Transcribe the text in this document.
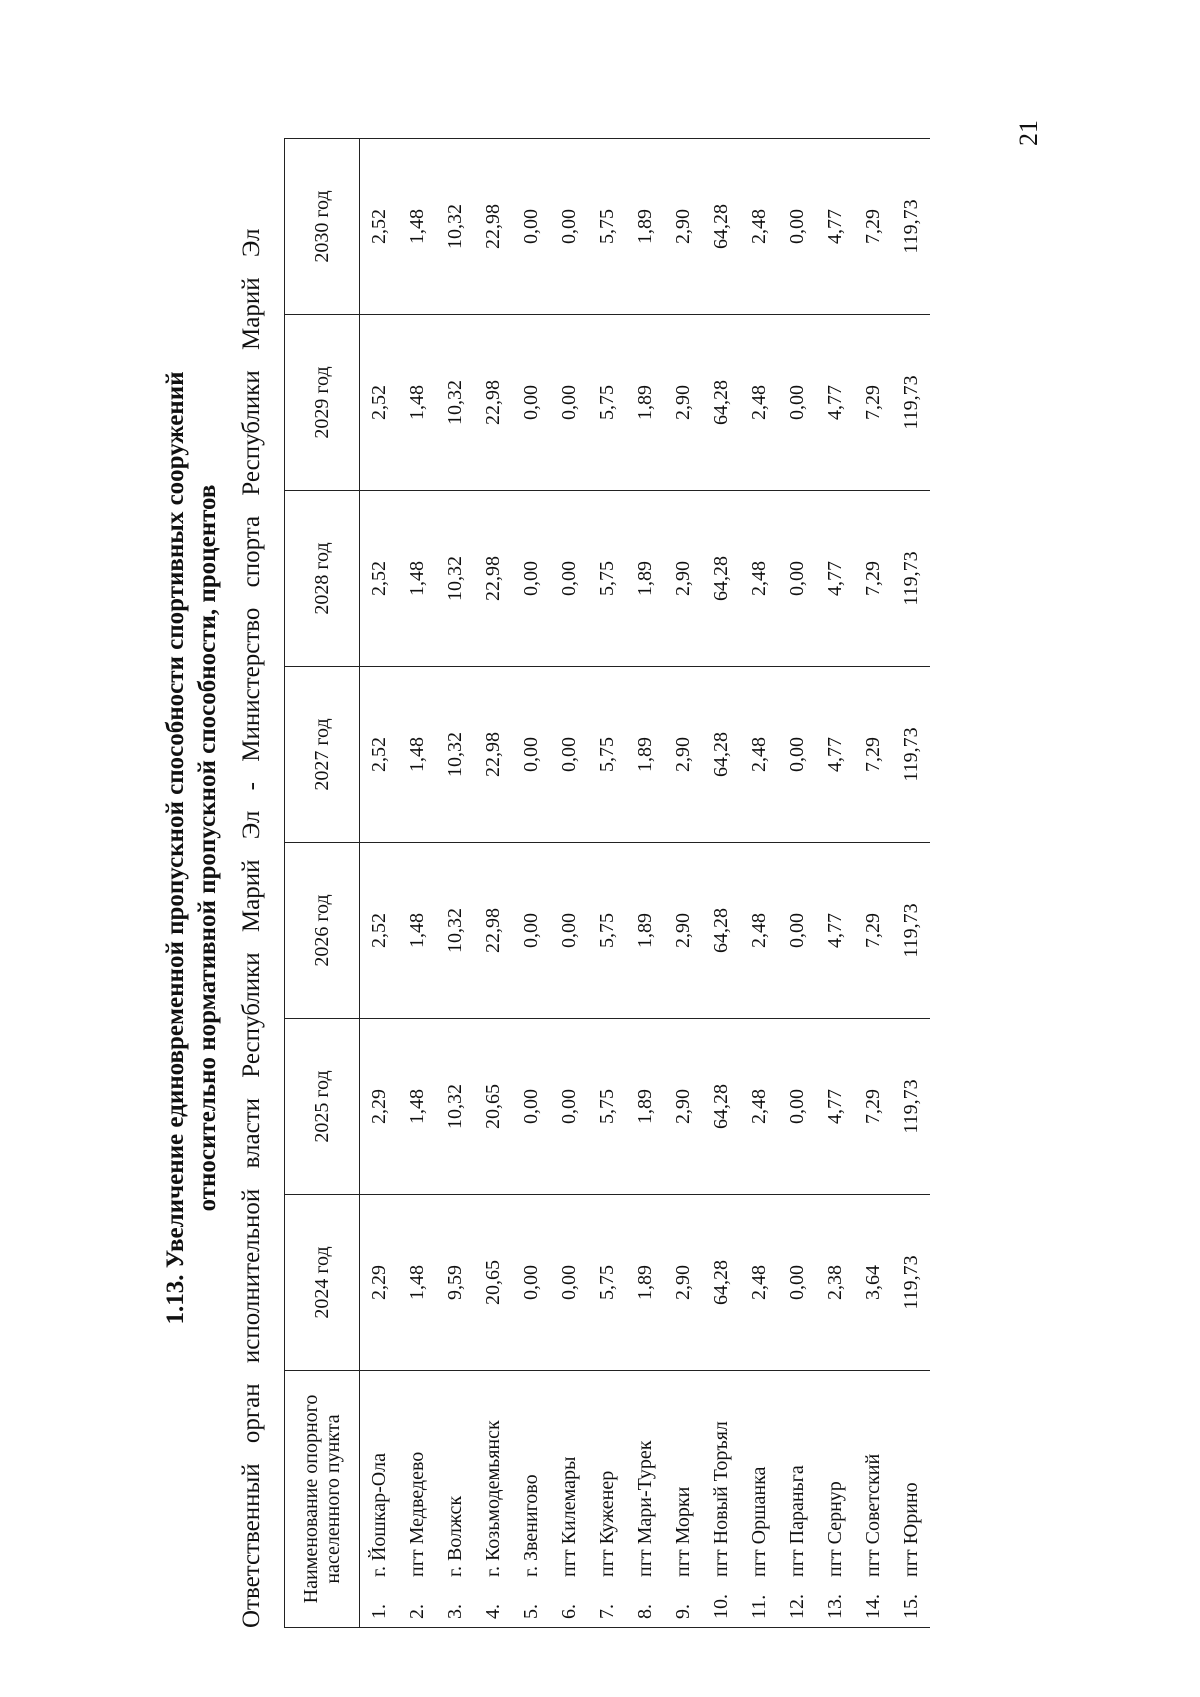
21
1.13. Увеличение единовременной пропускной способности спортивных сооружений относительно нормативной пропускной способности, процентов Ответственный орган исполнительной власти Республики Марий Эл - Министерство спорта Республики Марий Эл Наименование опорного населенного пункта		2024 год	2025 год	2026 год	2027 год	2028 год	2029 год	2030 год
1.	г. Йошкар-Ола	2,29	2,29	2,52	2,52	2,52	2,52	2,52
2.	пгт Медведево	1,48	1,48	1,48	1,48	1,48	1,48	1,48
3.	г. Волжск	9,59	10,32	10,32	10,32	10,32	10,32	10,32
4.	г. Козьмодемьянск	20,65	20,65	22,98	22,98	22,98	22,98	22,98
5.	г. Звенигово	0,00	0,00	0,00	0,00	0,00	0,00	0,00
6.	пгт Килемары	0,00	0,00	0,00	0,00	0,00	0,00	0,00
7.	пгт Куженер	5,75	5,75	5,75	5,75	5,75	5,75	5,75
8.	пгт Мари-Турек	1,89	1,89	1,89	1,89	1,89	1,89	1,89
9.	пгт Морки	2,90	2,90	2,90	2,90	2,90	2,90	2,90
10.	пгт Новый Торъял	64,28	64,28	64,28	64,28	64,28	64,28	64,28
11.	пгт Оршанка	2,48	2,48	2,48	2,48	2,48	2,48	2,48
12.	пгт Параньга	0,00	0,00	0,00	0,00	0,00	0,00	0,00
13.	пгт Сернур	2,38	4,77	4,77	4,77	4,77	4,77	4,77
14.	пгт Советский	3,64	7,29	7,29	7,29	7,29	7,29	7,29
15.	пгт Юрино	119,73	119,73	119,73	119,73	119,73	119,73	119,73
